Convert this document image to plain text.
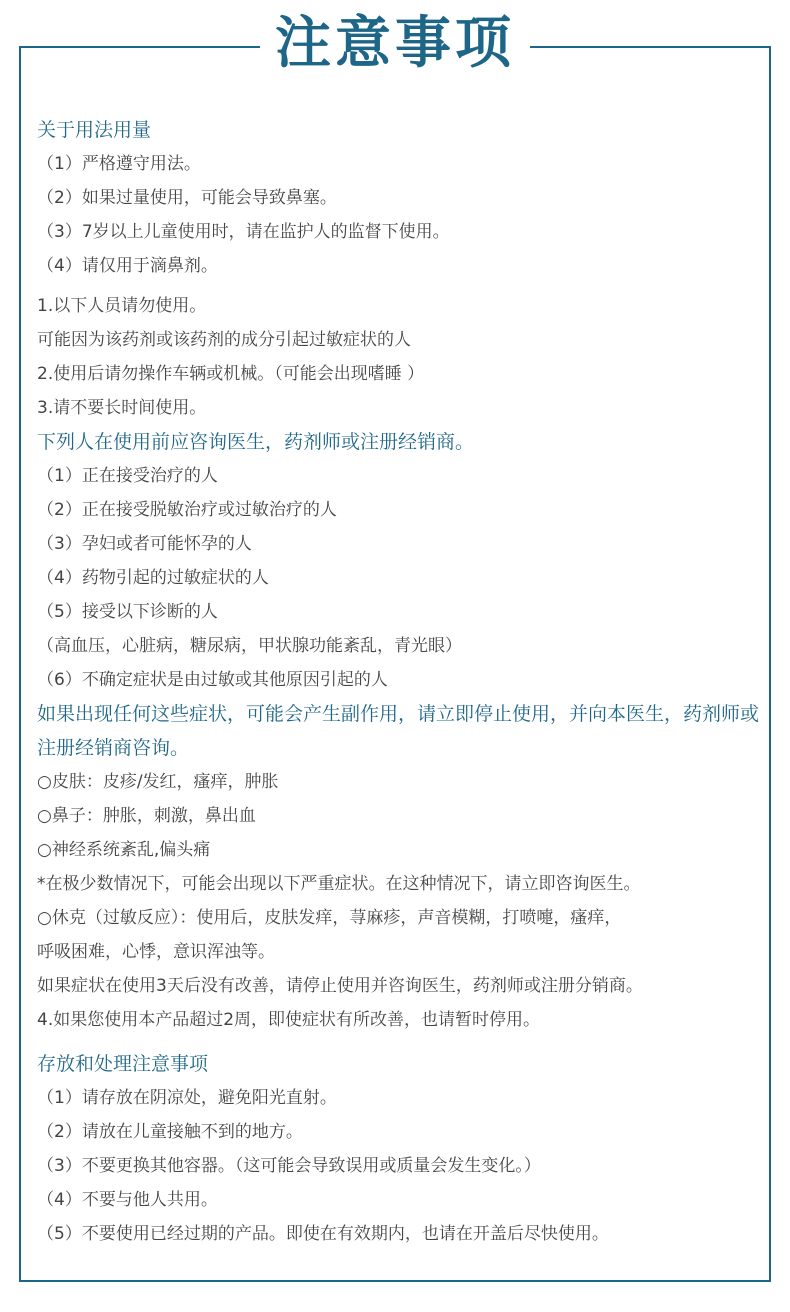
注意事项
关于用法用量
（1）严格遵守用法。
（2）如果过量使用，可能会导致鼻塞。
（3）7岁以上儿童使用时，请在监护人的监督下使用。
（4）请仅用于滴鼻剂。
1.以下人员请勿使用。
可能因为该药剂或该药剂的成分引起过敏症状的人
2.使用后请勿操作车辆或机械。（可能会出现嗜睡 ）
3.请不要长时间使用。
下列人在使用前应咨询医生，药剂师或注册经销商。
（1）正在接受治疗的人
（2）正在接受脱敏治疗或过敏治疗的人
（3）孕妇或者可能怀孕的人
（4）药物引起的过敏症状的人
（5）接受以下诊断的人
（高血压，心脏病，糖尿病，甲状腺功能紊乱，青光眼）
（6）不确定症状是由过敏或其他原因引起的人
如果出现任何这些症状，可能会产生副作用，请立即停止使用，并向本医生，药剂师或注册经销商咨询。
○皮肤：皮疹/发红，瘙痒，肿胀
○鼻子：肿胀，刺激，鼻出血
○神经系统紊乱,偏头痛
*在极少数情况下，可能会出现以下严重症状。在这种情况下，请立即咨询医生。
○休克（过敏反应）：使用后，皮肤发痒，荨麻疹，声音模糊，打喷嚏，瘙痒，
呼吸困难，心悸，意识浑浊等。
如果症状在使用3天后没有改善，请停止使用并咨询医生，药剂师或注册分销商。
4.如果您使用本产品超过2周，即使症状有所改善，也请暂时停用。
存放和处理注意事项
（1）请存放在阴凉处，避免阳光直射。
（2）请放在儿童接触不到的地方。
（3）不要更换其他容器。（这可能会导致误用或质量会发生变化。）
（4）不要与他人共用。
（5）不要使用已经过期的产品。即使在有效期内，也请在开盖后尽快使用。
